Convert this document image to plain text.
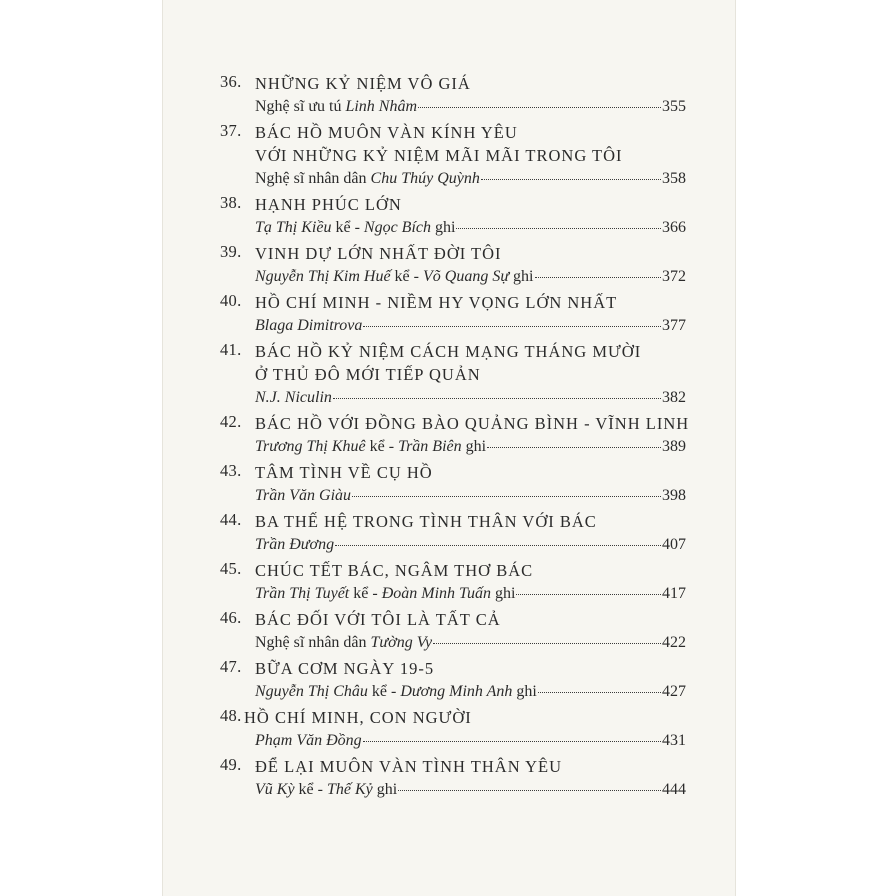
36. NHỮNG KỶ NIỆM VÔ GIÁ
Nghệ sĩ ưu tú Linh Nhâm	355
37. BÁC HỒ MUÔN VÀN KÍNH YÊU
VỚI NHỮNG KỶ NIỆM MÃI MÃI TRONG TÔI
Nghệ sĩ nhân dân Chu Thúy Quỳnh	358
38. HẠNH PHÚC LỚN
Tạ Thị Kiều kể - Ngọc Bích ghi	366
39. VINH DỰ LỚN NHẤT ĐỜI TÔI
Nguyễn Thị Kim Huế kể - Võ Quang Sự ghi	372
40. HỒ CHÍ MINH - NIỀM HY VỌNG LỚN NHẤT
Blaga Dimitrova	377
41. BÁC HỒ KỶ NIỆM CÁCH MẠNG THÁNG MƯỜI
Ở THỦ ĐÔ MỚI TIẾP QUẢN
N.J. Niculin	382
42. BÁC HỒ VỚI ĐỒNG BÀO QUẢNG BÌNH - VĨNH LINH
Trương Thị Khuê kể - Trần Biên ghi	389
43. TÂM TÌNH VỀ CỤ HỒ
Trần Văn Giàu	398
44. BA THẾ HỆ TRONG TÌNH THÂN VỚI BÁC
Trần Đương	407
45. CHÚC TẾT BÁC, NGÂM THƠ BÁC
Trần Thị Tuyết kể - Đoàn Minh Tuấn ghi	417
46. BÁC ĐỐI VỚI TÔI LÀ TẤT CẢ
Nghệ sĩ nhân dân Tường Vy	422
47. BỮA CƠM NGÀY 19-5
Nguyễn Thị Châu kể - Dương Minh Anh ghi	427
48. HỒ CHÍ MINH, CON NGƯỜI
Phạm Văn Đồng	431
49. ĐỂ LẠI MUÔN VÀN TÌNH THÂN YÊU
Vũ Kỳ kể - Thế Kỷ ghi	444
